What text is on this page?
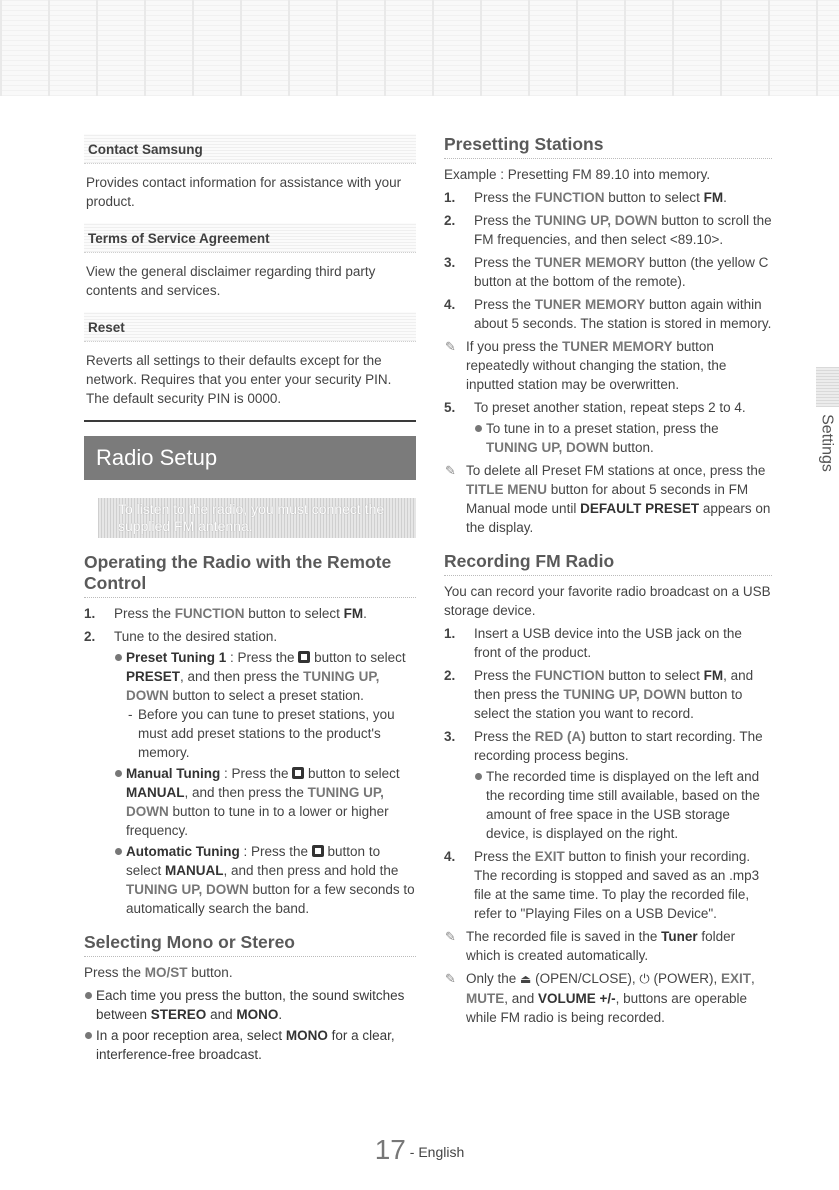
Contact Samsung

Provides contact information for assistance with your product.

Terms of Service Agreement

View the general disclaimer regarding third party contents and services.

Reset

Reverts all settings to their defaults except for the network. Requires that you enter your security PIN. The default security PIN is 0000.

Radio Setup
To listen to the radio, you must connect the supplied FM antenna.
Operating the Radio with the Remote Control
1. Press the FUNCTION button to select FM.
2. Tune to the desired station.
Preset Tuning 1 : Press the  button to select PRESET, and then press the TUNING UP, DOWN button to select a preset station.
- Before you can tune to preset stations, you must add preset stations to the product's memory.
Manual Tuning : Press the  button to select MANUAL, and then press the TUNING UP, DOWN button to tune in to a lower or higher frequency.
Automatic Tuning : Press the  button to select MANUAL, and then press and hold the TUNING UP, DOWN button for a few seconds to automatically search the band.
Selecting Mono or Stereo

Press the MO/ST button.

Each time you press the button, the sound switches between STEREO and MONO.
In a poor reception area, select MONO for a clear, interference-free broadcast.
Presetting Stations

Example : Presetting FM 89.10 into memory.

1. Press the FUNCTION button to select FM.
2. Press the TUNING UP, DOWN button to scroll the FM frequencies, and then select <89.10>.
3. Press the TUNER MEMORY button (the yellow C button at the bottom of the remote).
4. Press the TUNER MEMORY button again within about 5 seconds. The station is stored in memory.
✎ If you press the TUNER MEMORY button repeatedly without changing the station, the inputted station may be overwritten.
5. To preset another station, repeat steps 2 to 4.
To tune in to a preset station, press the TUNING UP, DOWN button.
✎ To delete all Preset FM stations at once, press the TITLE MENU button for about 5 seconds in FM Manual mode until DEFAULT PRESET appears on the display.
Recording FM Radio

You can record your favorite radio broadcast on a USB storage device.

1. Insert a USB device into the USB jack on the front of the product.
2. Press the FUNCTION button to select FM, and then press the TUNING UP, DOWN button to select the station you want to record.
3. Press the RED (A) button to start recording. The recording process begins.
The recorded time is displayed on the left and the recording time still available, based on the amount of free space in the USB storage device, is displayed on the right.
4. Press the EXIT button to finish your recording. The recording is stopped and saved as an .mp3 file at the same time. To play the recorded file, refer to "Playing Files on a USB Device".
✎ The recorded file is saved in the Tuner folder which is created automatically.
✎ Only the ⏏ (OPEN/CLOSE), ⏻ (POWER), EXIT, MUTE, and VOLUME +/-, buttons are operable while FM radio is being recorded.
Settings
17 - English
